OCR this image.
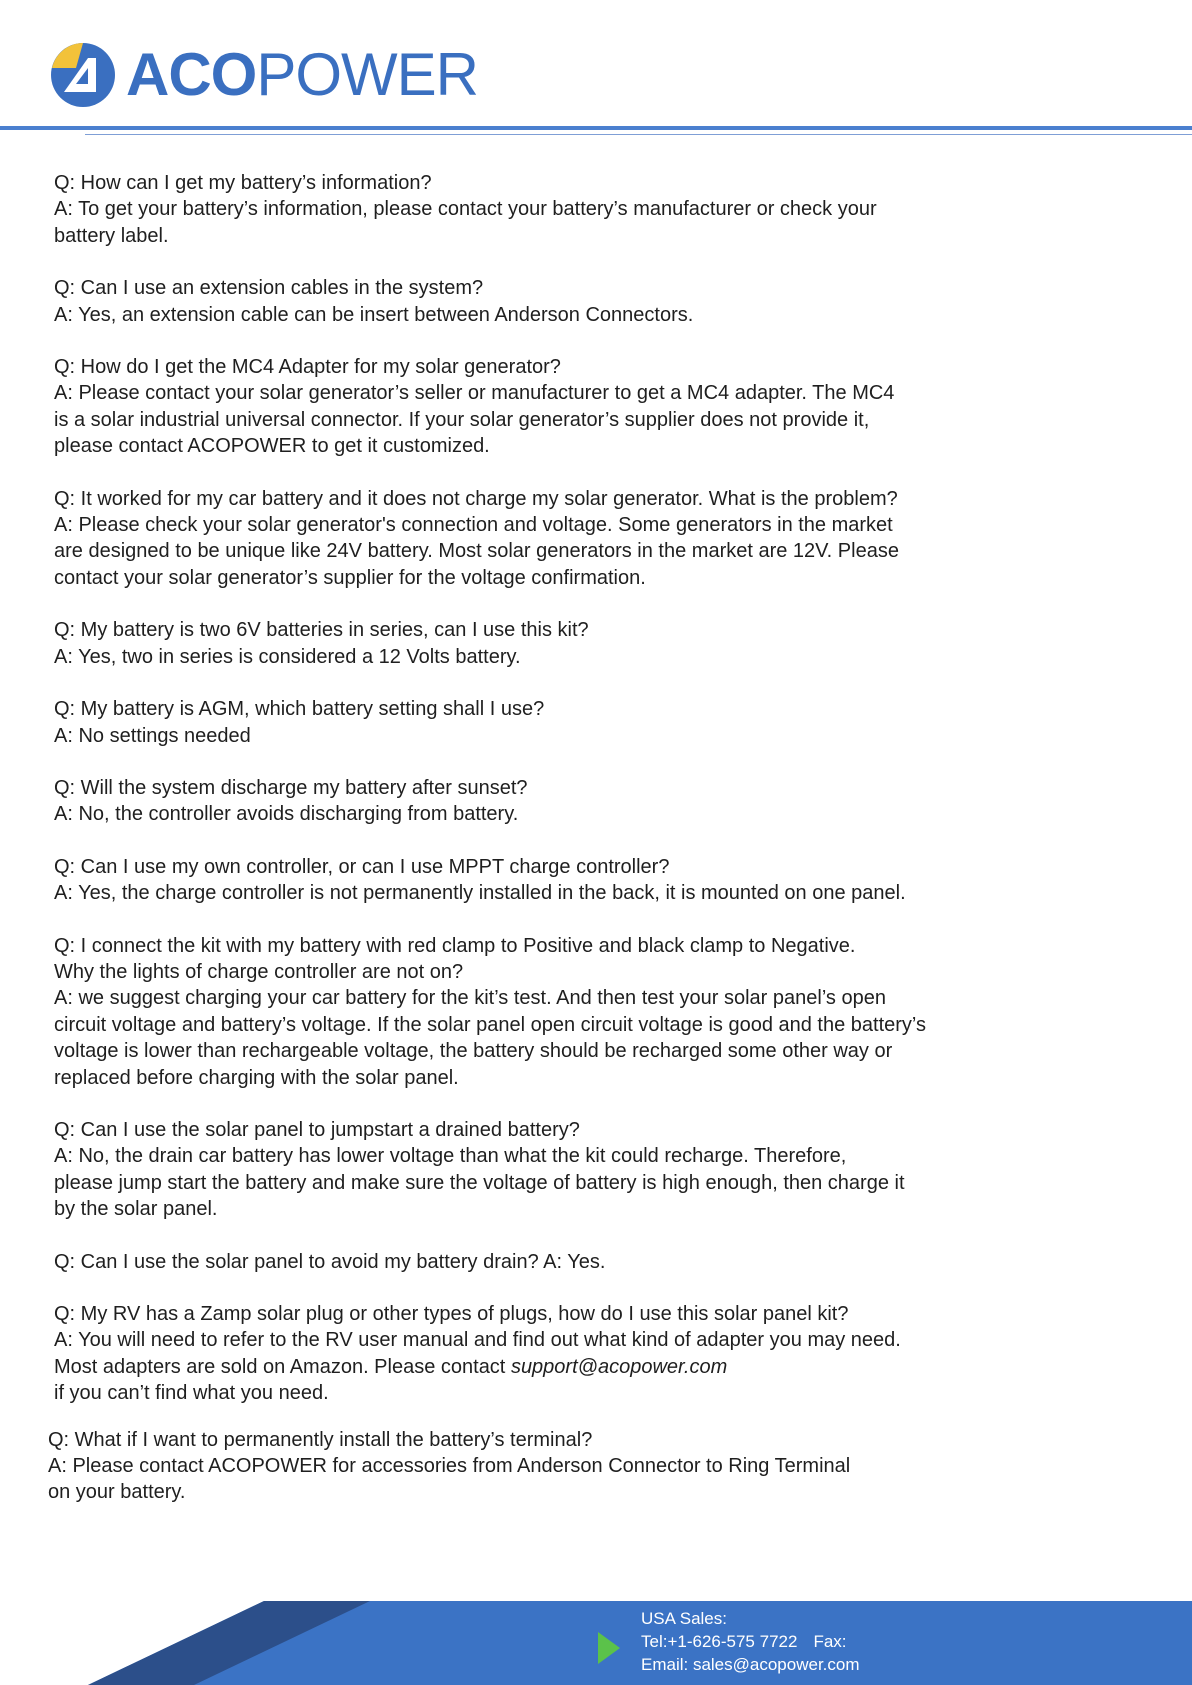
ACOPOWER

Q: How can I get my battery’s information?

A: To get your battery’s information, please contact your battery’s manufacturer or check your
battery label.

Q: Can I use an extension cables in the system?

A: Yes, an extension cable can be insert between Anderson Connectors.

Q: How do I get the MC4 Adapter for my solar generator?

A: Please contact your solar generator’s seller or manufacturer to get a MC4 adapter. The MC4
is a solar industrial universal connector. If your solar generator’s supplier does not provide it,
please contact ACOPOWER to get it customized.

Q: It worked for my car battery and it does not charge my solar generator. What is the problem?

A: Please check your solar generator's connection and voltage. Some generators in the market
are designed to be unique like 24V battery. Most solar generators in the market are 12V. Please
contact your solar generator’s supplier for the voltage confirmation.

Q: My battery is two 6V batteries in series, can I use this kit?

A: Yes, two in series is considered a 12 Volts battery.

Q: My battery is AGM, which battery setting shall I use?

A: No settings needed

Q: Will the system discharge my battery after sunset?

A: No, the controller avoids discharging from battery.

Q: Can I use my own controller, or can I use MPPT charge controller?

A: Yes, the charge controller is not permanently installed in the back, it is mounted on one panel.

Q: I connect the kit with my battery with red clamp to Positive and black clamp to Negative.
Why the lights of charge controller are not on?

A: we suggest charging your car battery for the kit’s test. And then test your solar panel’s open
circuit voltage and battery’s voltage. If the solar panel open circuit voltage is good and the battery’s
voltage is lower than rechargeable voltage, the battery should be recharged some other way or
replaced before charging with the solar panel.

Q: Can I use the solar panel to jumpstart a drained battery?

A: No, the drain car battery has lower voltage than what the kit could recharge. Therefore,
please jump start the battery and make sure the voltage of battery is high enough, then charge it
by the solar panel.

Q: Can I use the solar panel to avoid my battery drain? A: Yes.

Q: My RV has a Zamp solar plug or other types of plugs, how do I use this solar panel kit?

A: You will need to refer to the RV user manual and find out what kind of adapter you may need.
Most adapters are sold on Amazon. Please contact support@acopower.com
if you can’t find what you need.

Q: What if I want to permanently install the battery’s terminal?

A: Please contact ACOPOWER for accessories from Anderson Connector to Ring Terminal
on your battery.

USA Sales:
Tel:+1-626-575 7722 Fax:
Email: sales@acopower.com
